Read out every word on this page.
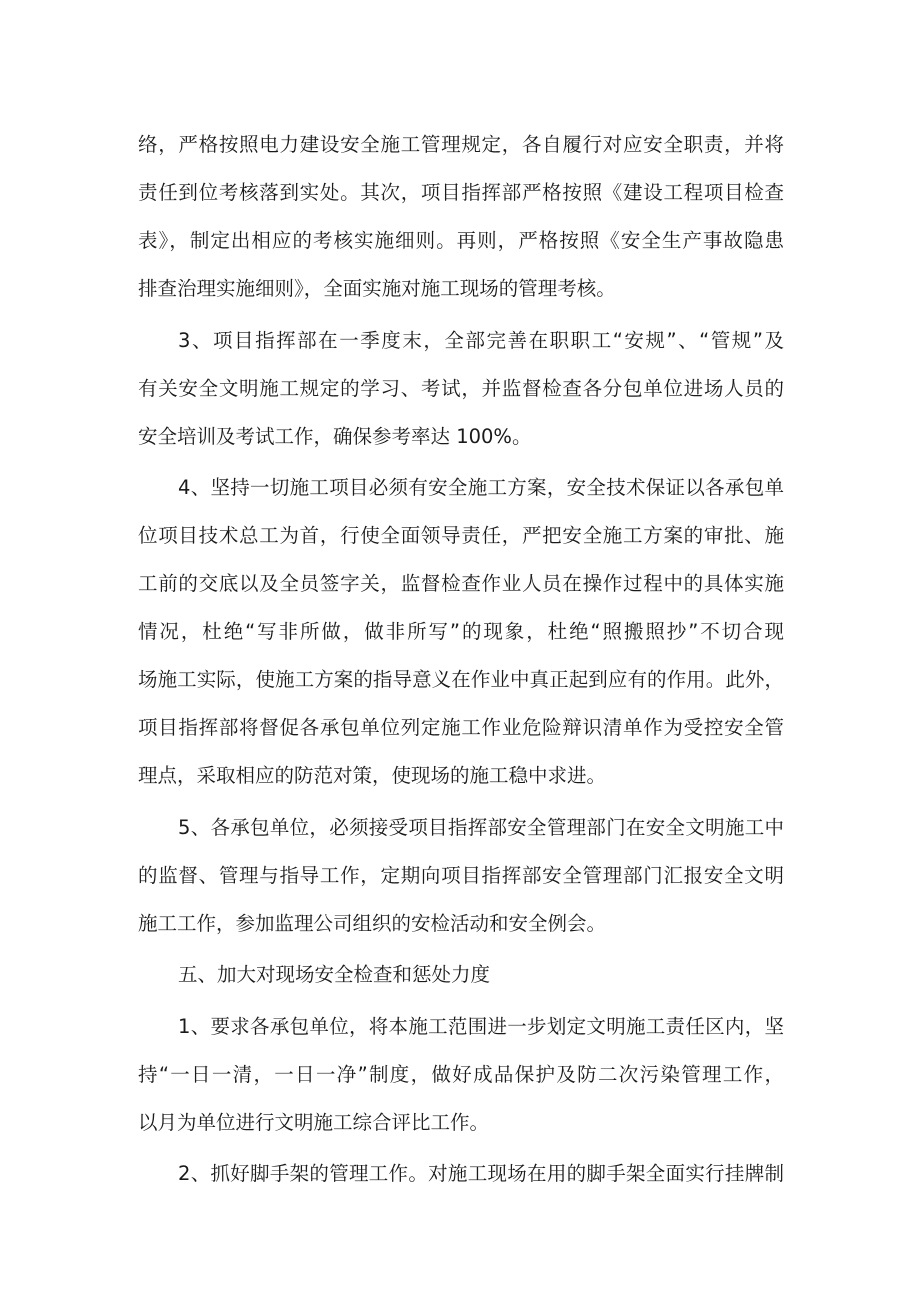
络，严格按照电力建设安全施工管理规定，各自履行对应安全职责，并将
责任到位考核落到实处。其次，项目指挥部严格按照《建设工程项目检查
表》，制定出相应的考核实施细则。再则，严格按照《安全生产事故隐患
排查治理实施细则》，全面实施对施工现场的管理考核。
3、项目指挥部在一季度末，全部完善在职职工“安规”、“管规”及
有关安全文明施工规定的学习、考试，并监督检查各分包单位进场人员的
安全培训及考试工作，确保参考率达 100%。
4、坚持一切施工项目必须有安全施工方案，安全技术保证以各承包单
位项目技术总工为首，行使全面领导责任，严把安全施工方案的审批、施
工前的交底以及全员签字关，监督检查作业人员在操作过程中的具体实施
情况，杜绝“写非所做，做非所写”的现象，杜绝“照搬照抄”不切合现
场施工实际，使施工方案的指导意义在作业中真正起到应有的作用。此外，
项目指挥部将督促各承包单位列定施工作业危险辩识清单作为受控安全管
理点，采取相应的防范对策，使现场的施工稳中求进。
5、各承包单位，必须接受项目指挥部安全管理部门在安全文明施工中
的监督、管理与指导工作，定期向项目指挥部安全管理部门汇报安全文明
施工工作，参加监理公司组织的安检活动和安全例会。
五、加大对现场安全检查和惩处力度
1、要求各承包单位，将本施工范围进一步划定文明施工责任区内，坚
持“一日一清，一日一净”制度，做好成品保护及防二次污染管理工作，
以月为单位进行文明施工综合评比工作。
2、抓好脚手架的管理工作。对施工现场在用的脚手架全面实行挂牌制
